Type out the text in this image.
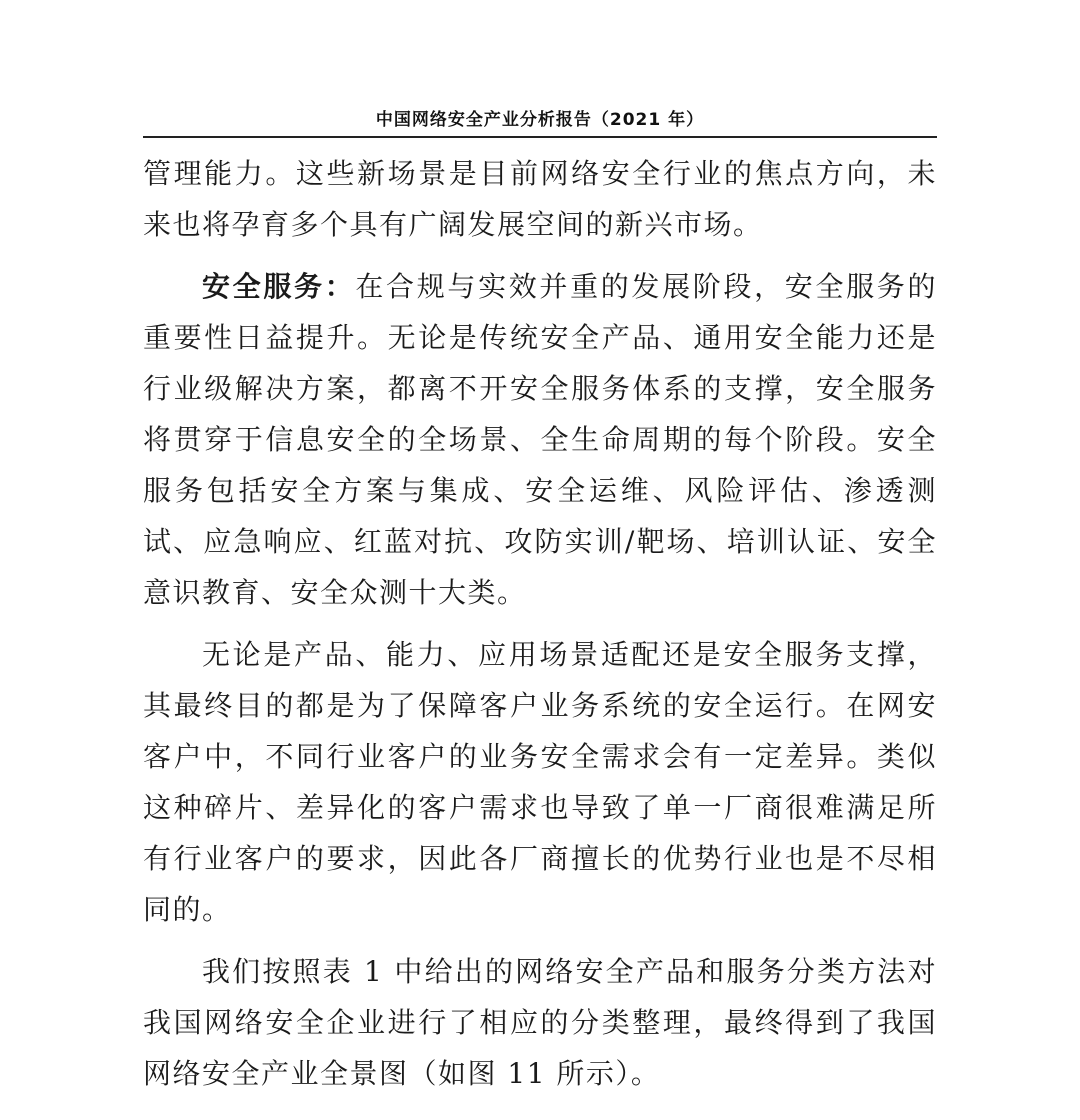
中国网络安全产业分析报告（2021 年）

管理能力。这些新场景是目前网络安全行业的焦点方向，未来也将孕育多个具有广阔发展空间的新兴市场。

安全服务：在合规与实效并重的发展阶段，安全服务的重要性日益提升。无论是传统安全产品、通用安全能力还是行业级解决方案，都离不开安全服务体系的支撑，安全服务将贯穿于信息安全的全场景、全生命周期的每个阶段。安全服务包括安全方案与集成、安全运维、风险评估、渗透测试、应急响应、红蓝对抗、攻防实训/靶场、培训认证、安全意识教育、安全众测十大类。

无论是产品、能力、应用场景适配还是安全服务支撑，其最终目的都是为了保障客户业务系统的安全运行。在网安客户中，不同行业客户的业务安全需求会有一定差异。类似这种碎片、差异化的客户需求也导致了单一厂商很难满足所有行业客户的要求，因此各厂商擅长的优势行业也是不尽相同的。

我们按照表 1 中给出的网络安全产品和服务分类方法对我国网络安全企业进行了相应的分类整理，最终得到了我国网络安全产业全景图（如图 11 所示）。
